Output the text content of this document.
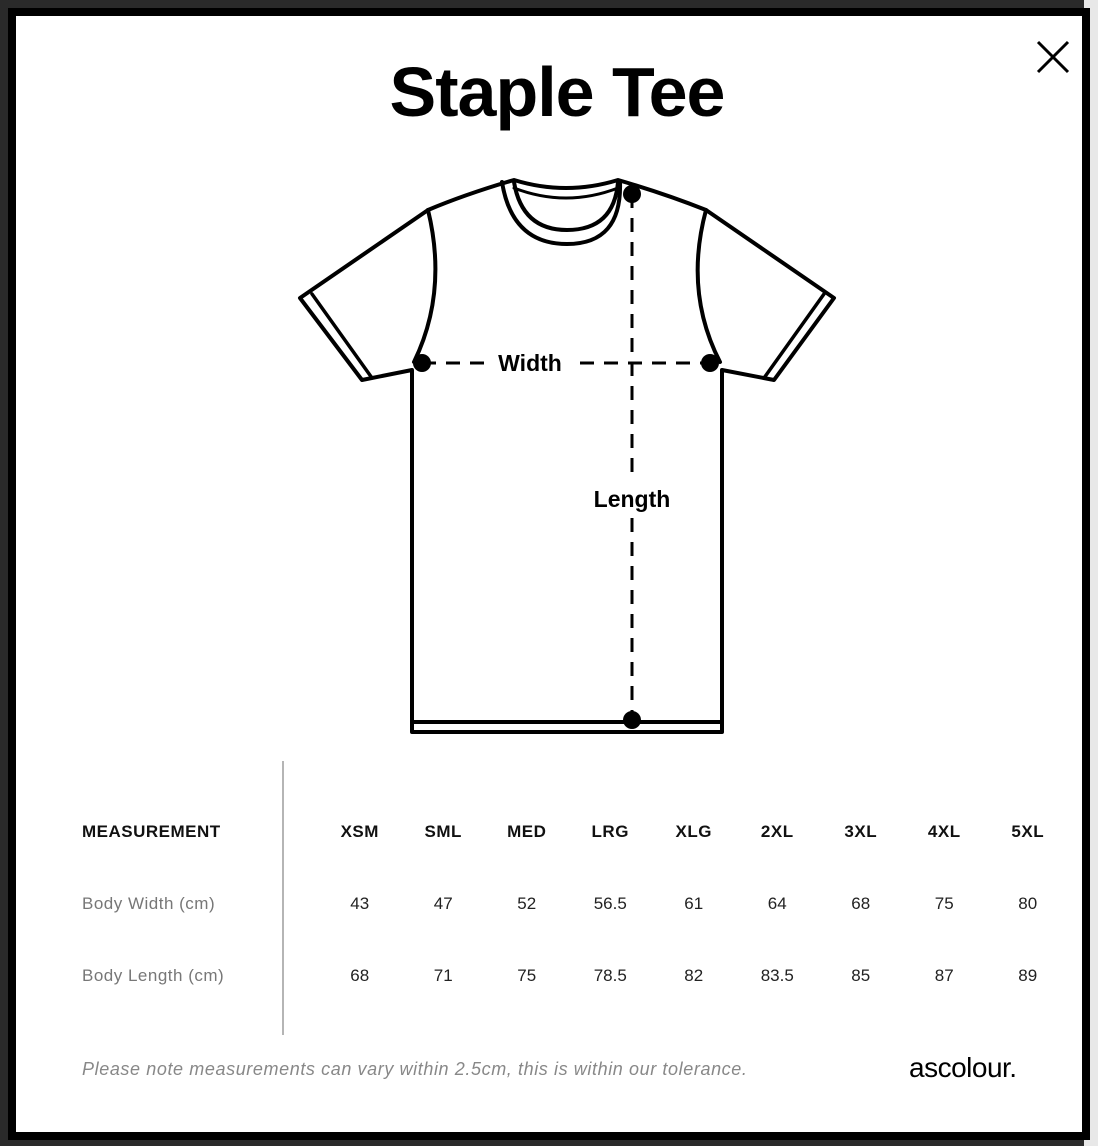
Staple Tee
Width
Length
MEASUREMENT	XSM	SML	MED	LRG	XLG	2XL	3XL	4XL	5XL
Body Width (cm)	43	47	52	56.5	61	64	68	75	80
Body Length (cm)	68	71	75	78.5	82	83.5	85	87	89
Please note measurements can vary within 2.5cm, this is within our tolerance.	ascolour.
